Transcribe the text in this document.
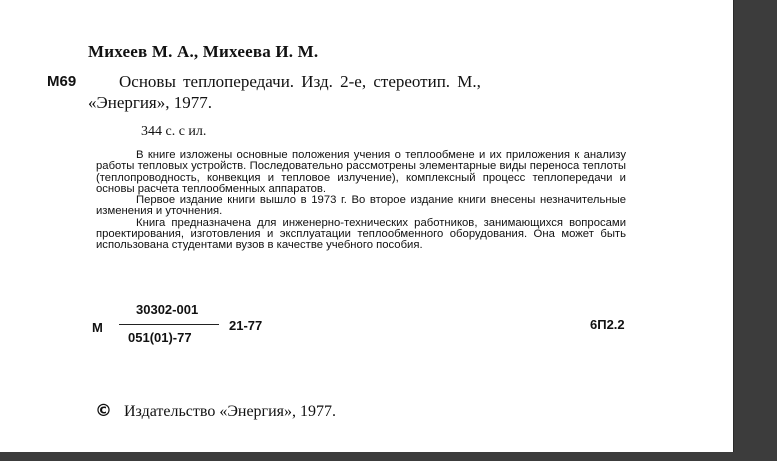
Михеев М. А., Михеева И. М.
М69	Основы теплопередачи. Изд. 2-е, стереотип. М.,
«Энергия», 1977.
344 с. с ил.

В книге изложены основные положения учения о теплообмене и их приложения к анализу работы тепловых устройств. Последовательно рассмотрены элементарные виды переноса теплоты (теплопроводность, конвекция и тепловое излучение), комплексный процесс теплопередачи и основы расчета теплообменных аппаратов.

Первое издание книги вышло в 1973 г. Во второе издание книги внесены незначительные изменения и уточнения.

Книга предназначена для инженерно-технических работников, занимающихся вопросами проектирования, изготовления и эксплуатации теплообменного оборудования. Она может быть использована студентами вузов в качестве учебного пособия.

М
30302-001
051(01)-77
21-77	6П2.2
© Издательство «Энергия», 1977.
